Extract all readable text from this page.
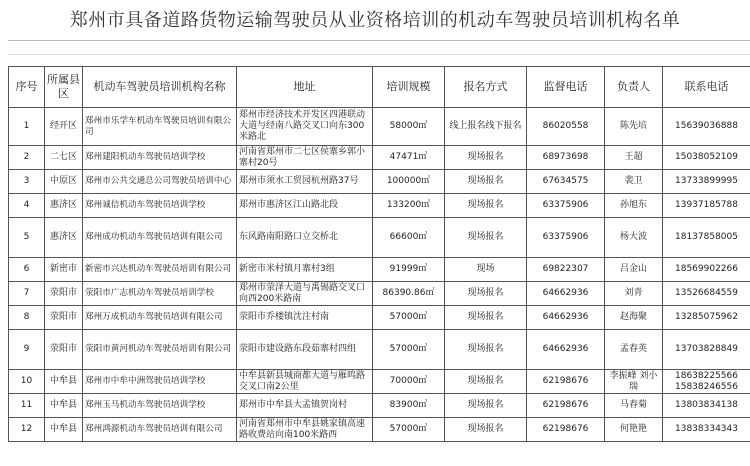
郑州市具备道路货物运输驾驶员从业资格培训的机动车驾驶员培训机构名单
序号	所属县区	机动车驾驶员培训机构名称	地址	培训规模	报名方式	监督电话	负责人	联系电话
1	经开区	郑州市乐学车机动车驾驶员培训有限公司	郑州市经济技术开发区四港联动大道与经南八路交叉口向东300米路北	58000㎡	线上报名线下报名	86020558	陈先培	15639036888
2	二七区	郑州建阳机动车驾驶员培训学校	河南省郑州市二七区侯寨乡郭小寨村20号	47471㎡	现场报名	68973698	王超	15038052109
3	中原区	郑州市公共交通总公司驾驶员培训中心	郑州市须水工贸园杭州路37号	100000㎡	现场报名	67634575	裴卫	13733899995
4	惠济区	郑州诚信机动车驾驶员培训学校	郑州市惠济区江山路北段	133200㎡	现场报名	63375906	孙旭东	13937185788
5	惠济区	郑州成功机动车驾驶员培训有限公司	东风路南阳路口立交桥北	66600㎡	现场报名	63375906	杨大波	18137858005
6	新密市	新密市兴达机动车驾驶员培训有限公司	新密市米村镇月寨村3组	91999㎡	现场	69822307	吕金山	18569902266
7	荥阳市	荥阳市广志机动车驾驶员培训学校	郑州市荥泽大道与禹锡路交叉口向西200米路南	86390.86㎡	现场报名	64662936	刘青	13526684559
8	荥阳市	郑州万成机动车驾驶员培训有限公司	荥阳市乔楼镇沈注村南	57000㎡	现场报名	64662936	赵海聚	13285075962
9	荥阳市	荥阳市黄河机动车驾驶员培训有限公司	荥阳市建设路东段茹寨村四组	57000㎡	现场报名	64662936	孟春英	13703828849
10	中牟县	郑州市中牟中洲驾驶员培训学校	中牟县新县城商都大道与雁鸣路交叉口南2公里	70000㎡	现场报名	62198676	李振峰 刘小瑞	18638225566 15838246556
11	中牟县	郑州玉马机动车驾驶员培训学校	郑州市中牟县大孟镇贺岗村	83900㎡	现场报名	62198676	马春菊	13803834138
12	中牟县	郑州鸿源机动车驾驶员培训有限公司	河南省郑州市中牟县姚家镇高速路收费站向南100米路西	57000㎡	现场报名	62198676	何艳艳	13838334343
